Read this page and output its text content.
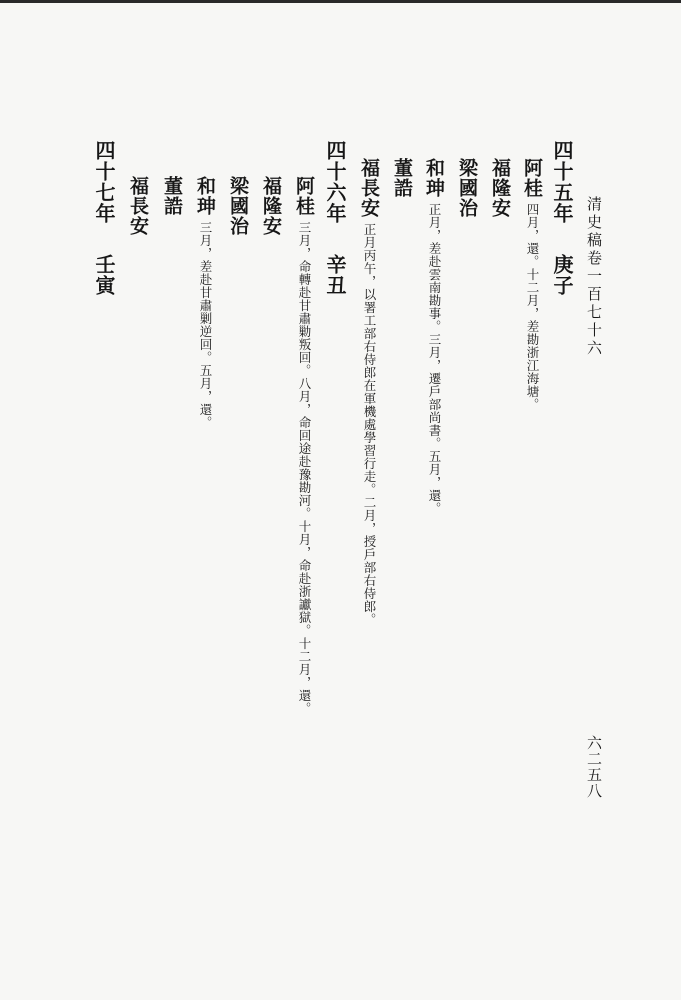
清史稿卷一百七十六
六二五八
四十五年庚子
阿桂四月，還。十二月，差勘浙江海塘。
福隆安
梁國治
和珅正月，差赴雲南勘事。三月，遷戶部尚書。五月，還。
董誥
福長安正月丙午，以署工部右侍郎在軍機處學習行走。二月，授戶部右侍郎。
四十六年辛丑
阿桂三月，命轉赴甘肅勦叛回。八月，命回途赴豫勘河。十月，命赴浙讞獄。十二月，還。
福隆安
梁國治
和珅三月，差赴甘肅剿逆回。五月，還。
董誥
福長安
四十七年壬寅
